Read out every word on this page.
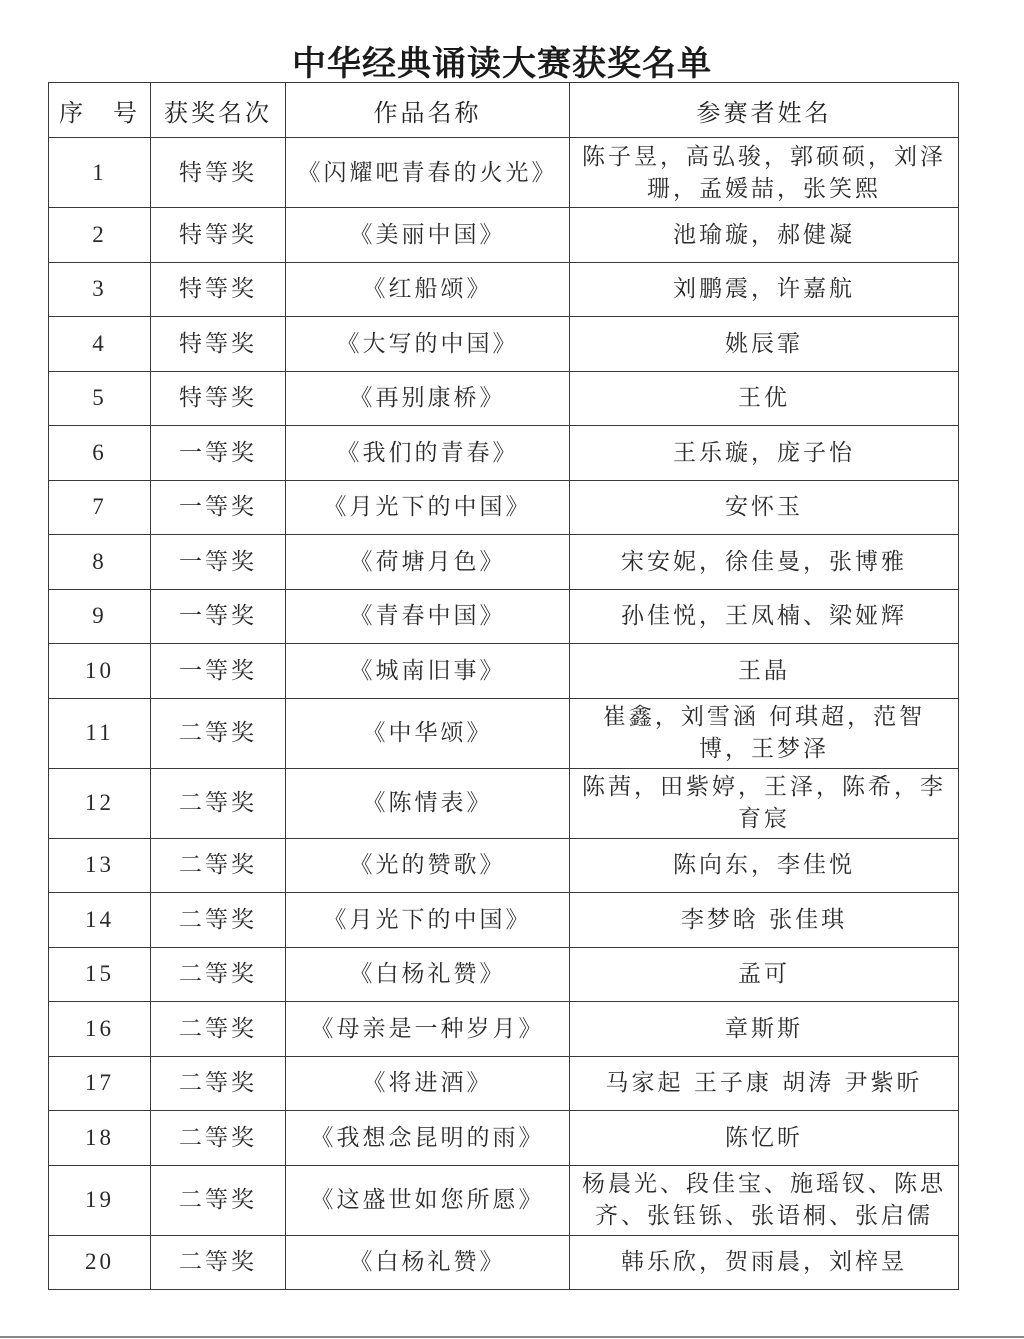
中华经典诵读大赛获奖名单
序　号	获奖名次	作品名称	参赛者姓名
1	特等奖	《闪耀吧青春的火光》	陈子昱，高弘骏，郭硕硕，刘泽珊，孟媛喆，张笑熙
2	特等奖	《美丽中国》	池瑜璇，郝健凝
3	特等奖	《红船颂》	刘鹏震，许嘉航
4	特等奖	《大写的中国》	姚辰霏
5	特等奖	《再别康桥》	王优
6	一等奖	《我们的青春》	王乐璇，庞子怡
7	一等奖	《月光下的中国》	安怀玉
8	一等奖	《荷塘月色》	宋安妮，徐佳曼，张博雅
9	一等奖	《青春中国》	孙佳悦，王凤楠、梁娅辉
10	一等奖	《城南旧事》	王晶
11	二等奖	《中华颂》	崔鑫，刘雪涵 何琪超，范智博，王梦泽
12	二等奖	《陈情表》	陈茜，田紫婷，王泽，陈希，李育宸
13	二等奖	《光的赞歌》	陈向东，李佳悦
14	二等奖	《月光下的中国》	李梦晗 张佳琪
15	二等奖	《白杨礼赞》	孟可
16	二等奖	《母亲是一种岁月》	章斯斯
17	二等奖	《将进酒》	马家起 王子康 胡涛 尹紫昕
18	二等奖	《我想念昆明的雨》	陈忆昕
19	二等奖	《这盛世如您所愿》	杨晨光、段佳宝、施瑶钗、陈思齐、张钰铄、张语桐、张启儒
20	二等奖	《白杨礼赞》	韩乐欣，贺雨晨，刘梓昱
